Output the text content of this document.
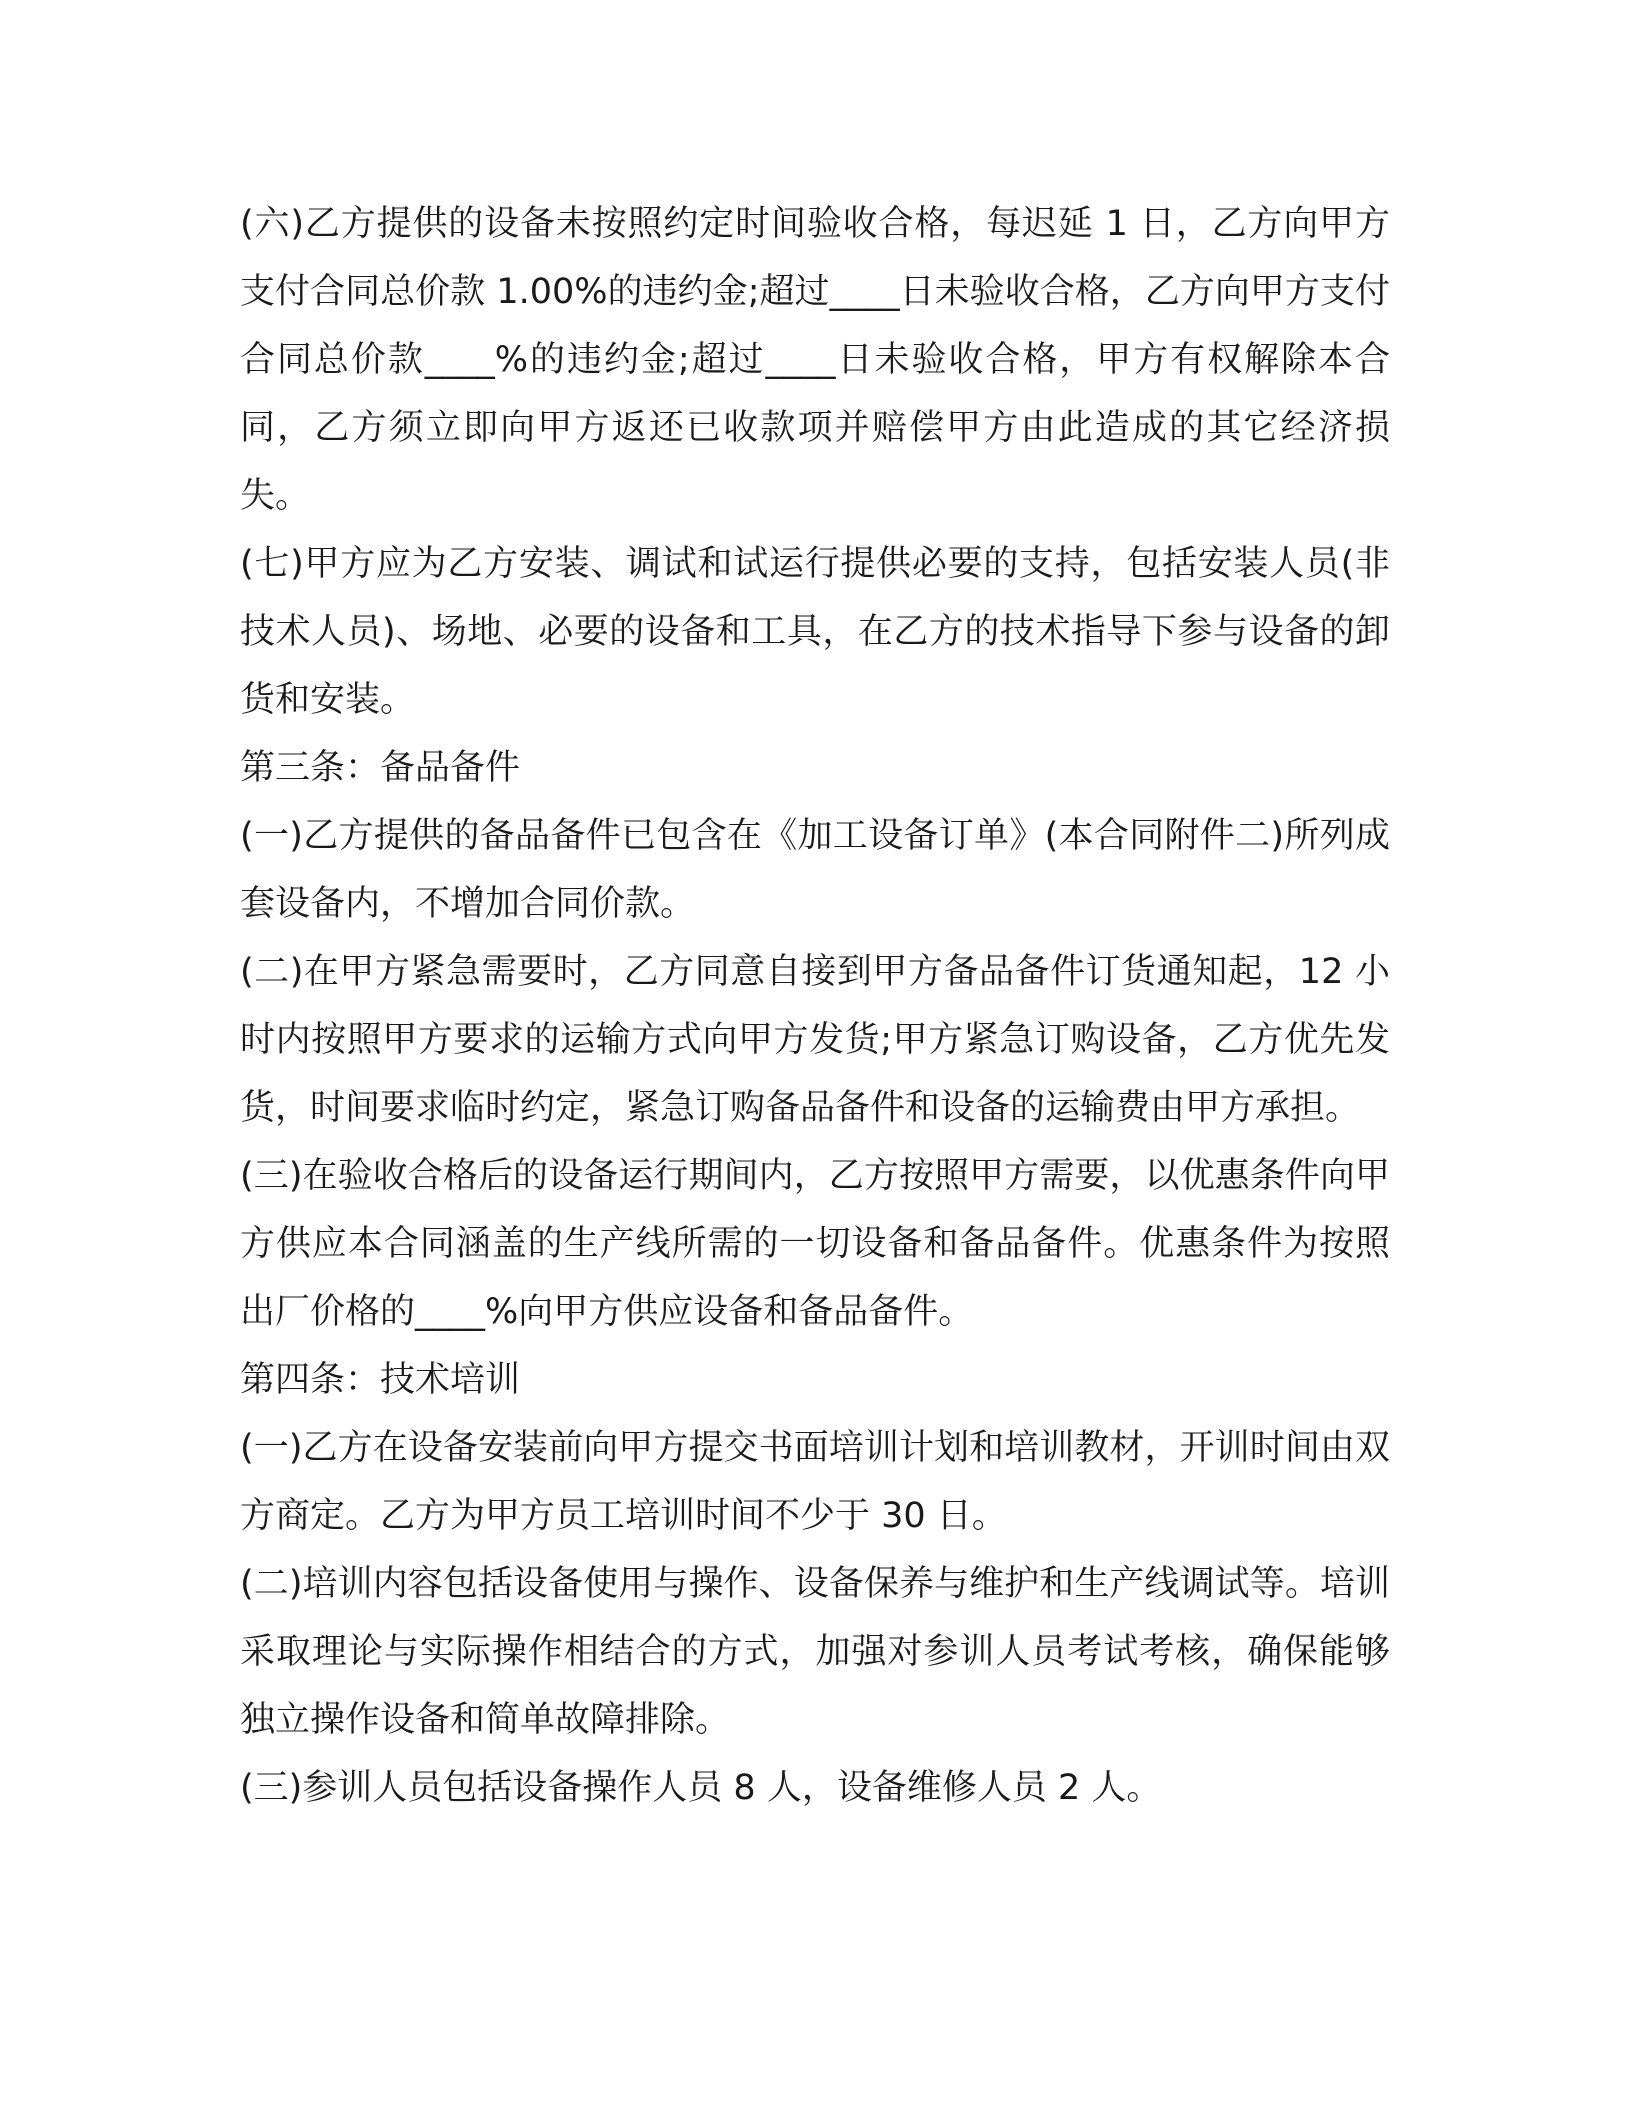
(六)乙方提供的设备未按照约定时间验收合格，每迟延 1 日，乙方向甲方支付合同总价款 1.00%的违约金;超过____日未验收合格，乙方向甲方支付合同总价款____%的违约金;超过____日未验收合格，甲方有权解除本合同，乙方须立即向甲方返还已收款项并赔偿甲方由此造成的其它经济损失。

(七)甲方应为乙方安装、调试和试运行提供必要的支持，包括安装人员(非技术人员)、场地、必要的设备和工具，在乙方的技术指导下参与设备的卸货和安装。

第三条：备品备件

(一)乙方提供的备品备件已包含在《加工设备订单》(本合同附件二)所列成套设备内，不增加合同价款。

(二)在甲方紧急需要时，乙方同意自接到甲方备品备件订货通知起，12 小时内按照甲方要求的运输方式向甲方发货;甲方紧急订购设备，乙方优先发货，时间要求临时约定，紧急订购备品备件和设备的运输费由甲方承担。

(三)在验收合格后的设备运行期间内，乙方按照甲方需要，以优惠条件向甲方供应本合同涵盖的生产线所需的一切设备和备品备件。优惠条件为按照出厂价格的____%向甲方供应设备和备品备件。

第四条：技术培训

(一)乙方在设备安装前向甲方提交书面培训计划和培训教材，开训时间由双方商定。乙方为甲方员工培训时间不少于 30 日。

(二)培训内容包括设备使用与操作、设备保养与维护和生产线调试等。培训采取理论与实际操作相结合的方式，加强对参训人员考试考核，确保能够独立操作设备和简单故障排除。

(三)参训人员包括设备操作人员 8 人，设备维修人员 2 人。
